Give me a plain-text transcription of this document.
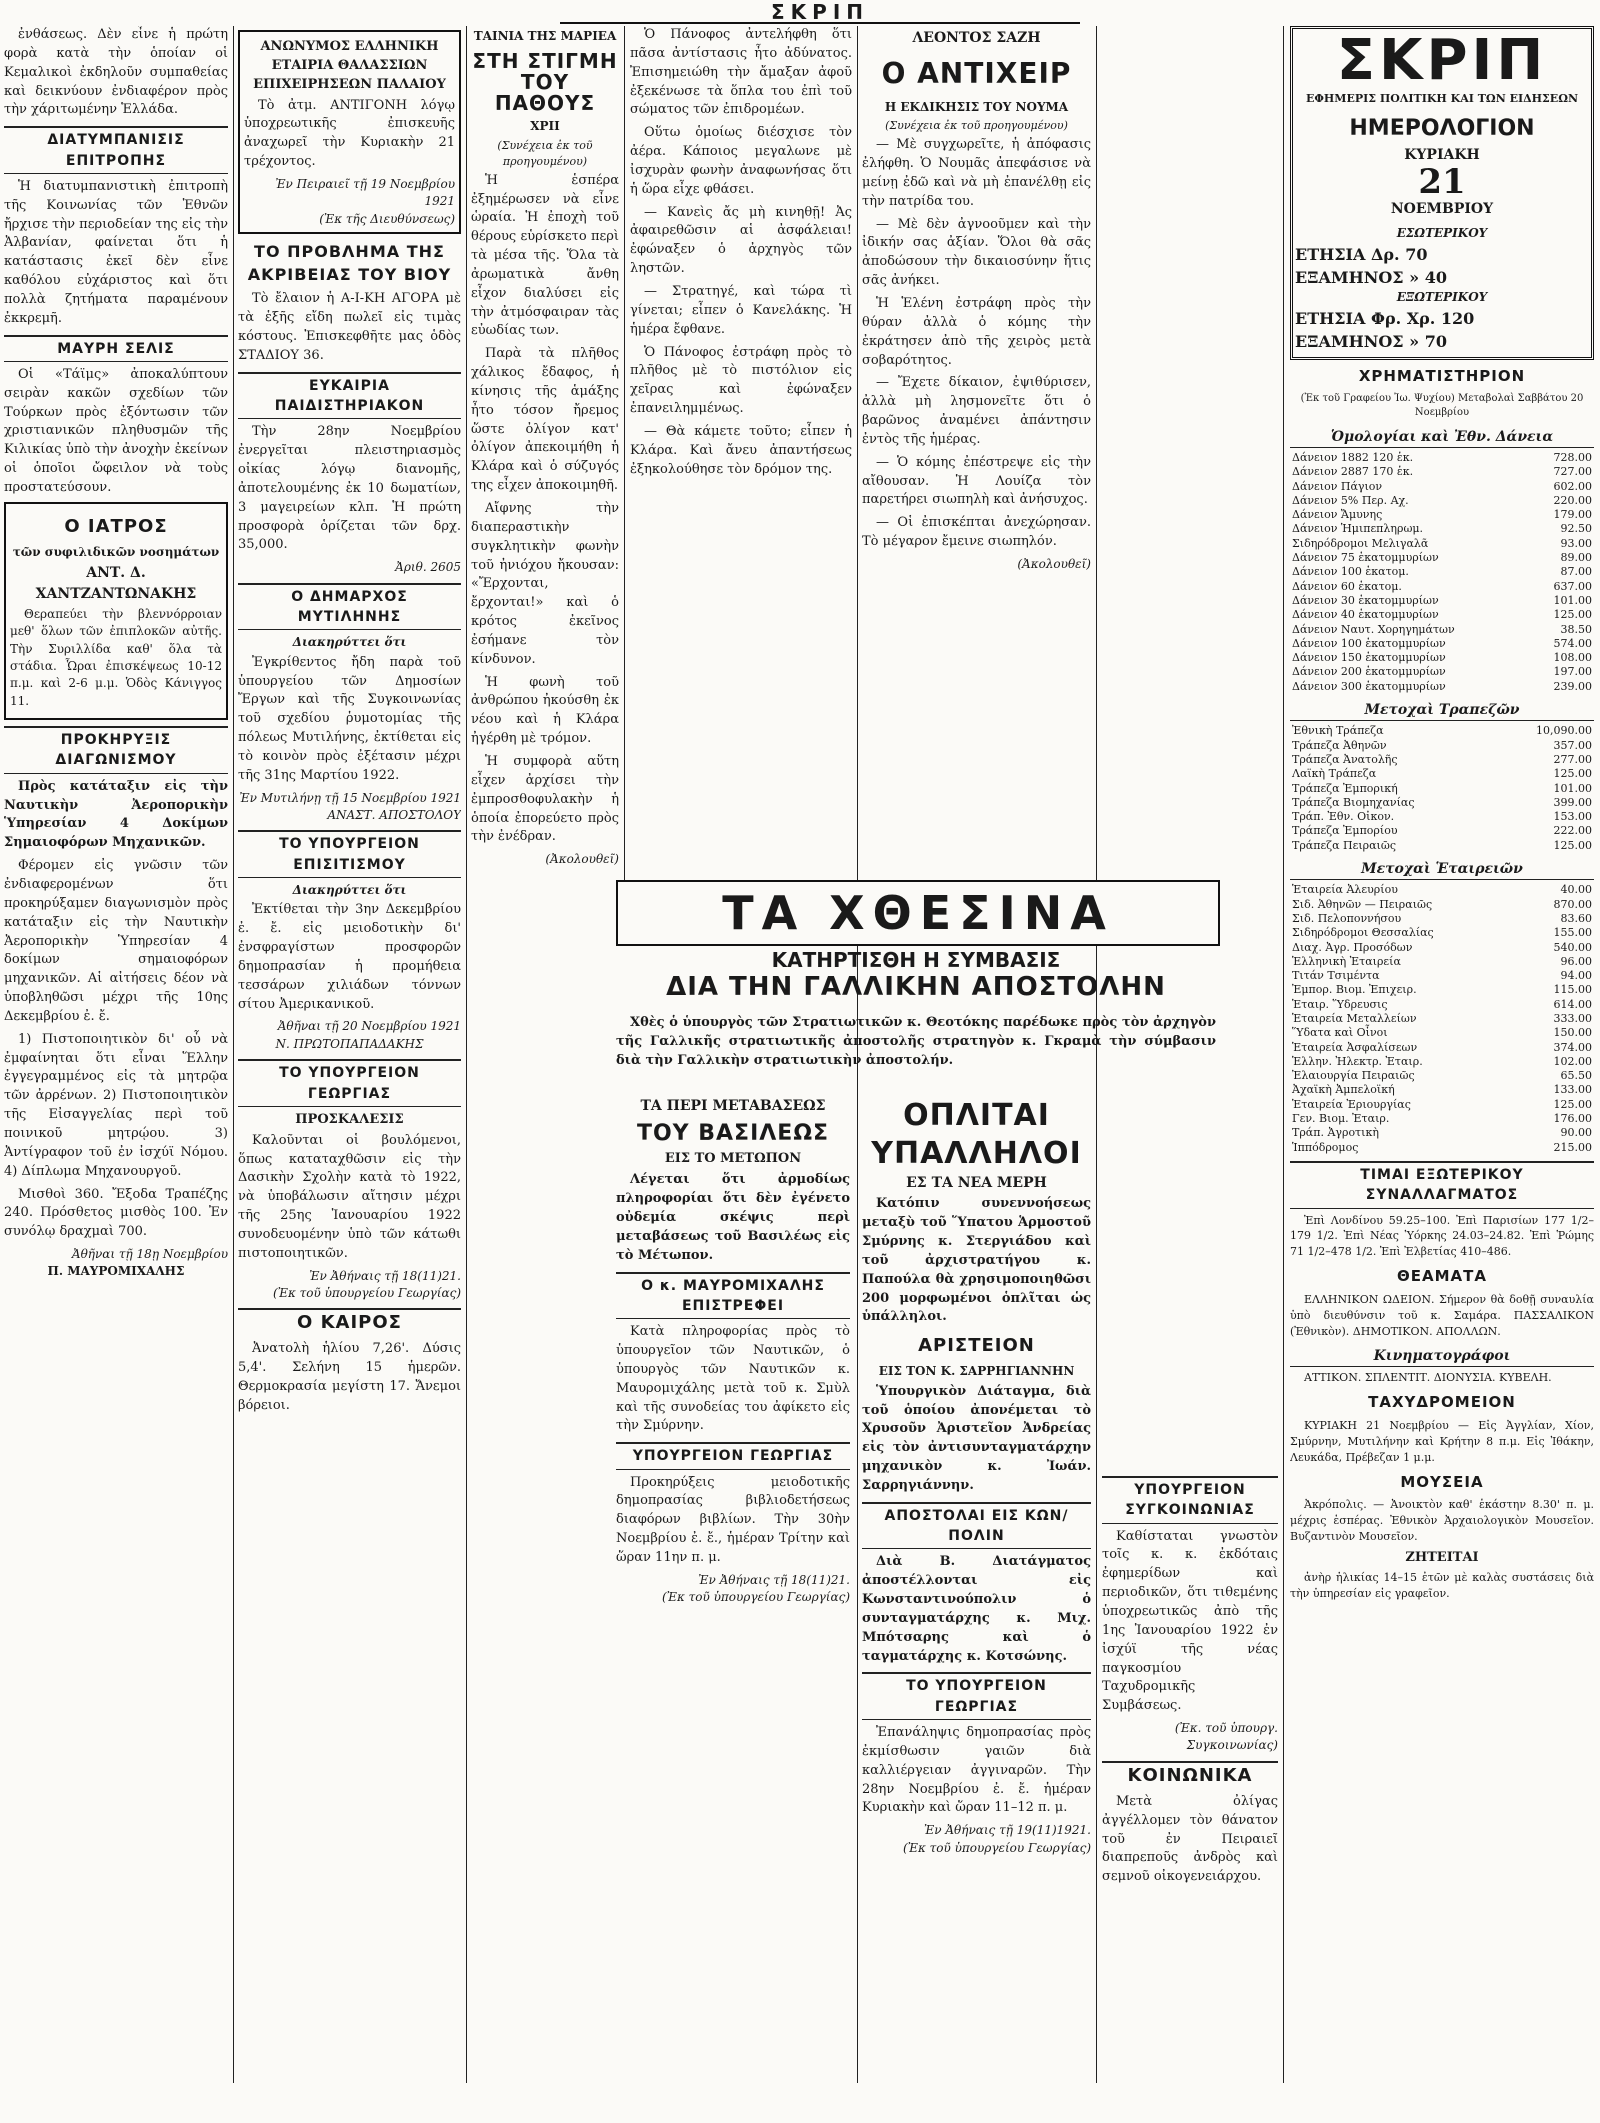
ΣΚΡΙΠ

ἐνθάσεως. Δὲν εἶνε ἡ πρώτη φορὰ κατὰ τὴν ὁποίαν οἱ Κεμαλικοὶ ἐκδηλοῦν συμπαθείας καὶ δεικνύουν ἐνδιαφέρον πρὸς τὴν χάριτωμένην Ἑλλάδα.

ΔΙΑΤΥΜΠΑΝΙΣΙΣ ΕΠΙΤΡΟΠΗΣ

Ἡ διατυμπανιστικὴ ἐπιτροπὴ τῆς Κοινωνίας τῶν Ἐθνῶν ἤρχισε τὴν περιοδείαν της εἰς τὴν Ἀλβανίαν, φαίνεται ὅτι ἡ κατάστασις ἐκεῖ δὲν εἶνε καθόλου εὐχάριστος καὶ ὅτι πολλὰ ζητήματα παραμένουν ἐκκρεμῆ.

ΜΑΥΡΗ ΣΕΛΙΣ

Οἱ «Τάϊμς» ἀποκαλύπτουν σειρὰν κακῶν σχεδίων τῶν Τούρκων πρὸς ἐξόντωσιν τῶν χριστιανικῶν πληθυσμῶν τῆς Κιλικίας ὑπὸ τὴν ἀνοχὴν ἐκείνων οἱ ὁποῖοι ὤφειλον νὰ τοὺς προστατεύσουν.

Ο ΙΑΤΡΟΣ
τῶν συφιλιδικῶν νοσημάτων
ΑΝΤ. Δ. ΧΑΝΤΖΑΝΤΩΝΑΚΗΣ

Θεραπεύει τὴν βλεννόρροιαν μεθ' ὅλων τῶν ἐπιπλοκῶν αὐτῆς. Τὴν Συριλλίδα καθ' ὅλα τὰ στάδια. Ὧραι ἐπισκέψεως 10-12 π.μ. καὶ 2-6 μ.μ. Ὁδὸς Κάνιγγος 11.

ΠΡΟΚΗΡΥΞΙΣ ΔΙΑΓΩΝΙΣΜΟΥ

Πρὸς κατάταξιν εἰς τὴν Ναυτικὴν Ἀεροπορικὴν Ὑπηρεσίαν 4 Δοκίμων Σημαιοφόρων Μηχανικῶν.

Φέρομεν εἰς γνῶσιν τῶν ἐνδιαφερομένων ὅτι προκηρύξαμεν διαγωνισμὸν πρὸς κατάταξιν εἰς τὴν Ναυτικὴν Ἀεροπορικὴν Ὑπηρεσίαν 4 δοκίμων σημαιοφόρων μηχανικῶν. Αἱ αἰτήσεις δέον νὰ ὑποβληθῶσι μέχρι τῆς 10ης Δεκεμβρίου ἐ. ἔ.

1) Πιστοποιητικὸν δι' οὗ νὰ ἐμφαίνηται ὅτι εἶναι Ἕλλην ἐγγεγραμμένος εἰς τὰ μητρῷα τῶν ἀρρένων. 2) Πιστοποιητικὸν τῆς Εἰσαγγελίας περὶ τοῦ ποινικοῦ μητρῴου. 3) Ἀντίγραφον τοῦ ἐν ἰσχύϊ Νόμου. 4) Δίπλωμα Μηχανουργοῦ.

Μισθοὶ 360. Ἔξοδα Τραπέζης 240. Πρόσθετος μισθὸς 100. Ἐν συνόλῳ δραχμαὶ 700.

Ἀθῆναι τῇ 18ῃ Νοεμβρίου
Π. ΜΑΥΡΟΜΙΧΑΛΗΣ
ΑΝΩΝΥΜΟΣ ΕΛΛΗΝΙΚΗ ΕΤΑΙΡΙΑ ΘΑΛΑΣΣΙΩΝ ΕΠΙΧΕΙΡΗΣΕΩΝ ΠΑΛΑΙΟΥ

Τὸ ἀτμ. ΑΝΤΙΓΟΝΗ λόγῳ ὑποχρεωτικῆς ἐπισκευῆς ἀναχωρεῖ τὴν Κυριακὴν 21 τρέχοντος.

Ἐν Πειραιεῖ τῇ 19 Νοεμβρίου 1921
(Ἐκ τῆς Διευθύνσεως)
ΤΟ ΠΡΟΒΛΗΜΑ ΤΗΣ ΑΚΡΙΒΕΙΑΣ ΤΟΥ ΒΙΟΥ

Τὸ ἔλαιον ἡ Α-Ι-ΚΗ ΑΓΟΡΑ μὲ τὰ ἑξῆς εἴδη πωλεῖ εἰς τιμὰς κόστους. Ἐπισκεφθῆτε μας ὁδὸς ΣΤΑΔΙΟΥ 36.

ΕΥΚΑΙΡΙΑ ΠΑΙΔΙΣΤΗΡΙΑΚΟΝ

Τὴν 28ην Νοεμβρίου ἐνεργεῖται πλειστηριασμὸς οἰκίας λόγῳ διανομῆς, ἀποτελουμένης ἐκ 10 δωματίων, 3 μαγειρείων κλπ. Ἡ πρώτη προσφορὰ ὁρίζεται τῶν δρχ. 35,000.

Ἀριθ. 2605
Ο ΔΗΜΑΡΧΟΣ ΜΥΤΙΛΗΝΗΣ
Διακηρύττει ὅτι

Ἐγκρίθεντος ἤδη παρὰ τοῦ ὑπουργείου τῶν Δημοσίων Ἔργων καὶ τῆς Συγκοινωνίας τοῦ σχεδίου ῥυμοτομίας τῆς πόλεως Μυτιλήνης, ἐκτίθεται εἰς τὸ κοινὸν πρὸς ἐξέτασιν μέχρι τῆς 31ης Μαρτίου 1922.

Ἐν Μυτιλήνῃ τῇ 15 Νοεμβρίου 1921
ΑΝΑΣΤ. ΑΠΟΣΤΟΛΟΥ
ΤΟ ΥΠΟΥΡΓΕΙΟΝ ΕΠΙΣΙΤΙΣΜΟΥ
Διακηρύττει ὅτι

Ἐκτίθεται τὴν 3ην Δεκεμβρίου ἐ. ἔ. εἰς μειοδοτικὴν δι' ἐνσφραγίστων προσφορῶν δημοπρασίαν ἡ προμήθεια τεσσάρων χιλιάδων τόννων σίτου Ἀμερικανικοῦ.

Ἀθῆναι τῇ 20 Νοεμβρίου 1921
Ν. ΠΡΩΤΟΠΑΠΑΔΑΚΗΣ
ΤΟ ΥΠΟΥΡΓΕΙΟΝ ΓΕΩΡΓΙΑΣ
ΠΡΟΣΚΑΛΕΣΙΣ

Καλοῦνται οἱ βουλόμενοι, ὅπως καταταχθῶσιν εἰς τὴν Δασικὴν Σχολὴν κατὰ τὸ 1922, νὰ ὑποβάλωσιν αἴτησιν μέχρι τῆς 25ης Ἰανουαρίου 1922 συνοδευομένην ὑπὸ τῶν κάτωθι πιστοποιητικῶν.

Ἐν Ἀθήναις τῇ 18(11)21.
(Ἐκ τοῦ ὑπουργείου Γεωργίας)
Ο ΚΑΙΡΟΣ

Ἀνατολὴ ἡλίου 7,26'. Δύσις 5,4'. Σελήνη 15 ἡμερῶν. Θερμοκρασία μεγίστη 17. Ἄνεμοι βόρειοι.

ΤΑΙΝΙΑ ΤΗΣ ΜΑΡΙΕΑ
ΣΤΗ ΣΤΙΓΜΗ ΤΟΥ ΠΑΘΟΥΣ
ΧΡΙΙ
(Συνέχεια ἐκ τοῦ προηγουμένου)

Ἡ ἑσπέρα ἐξημέρωσεν νὰ εἶνε ὡραία. Ἡ ἐποχὴ τοῦ θέρους εὑρίσκετο περὶ τὰ μέσα τῆς. Ὅλα τὰ ἀρωματικὰ ἄνθη εἶχον διαλύσει εἰς τὴν ἀτμόσφαιραν τὰς εὐωδίας των.

Παρὰ τὰ πλῆθος χάλικος ἔδαφος, ἡ κίνησις τῆς ἁμάξης ἦτο τόσον ἤρεμος ὥστε ὀλίγον κατ' ὀλίγον ἀπεκοιμήθη ἡ Κλάρα καὶ ὁ σύζυγός της εἶχεν ἀποκοιμηθῆ.

Αἴφνης τὴν διαπεραστικὴν συγκλητικὴν φωνὴν τοῦ ἠνιόχου ἤκουσαν: «Ἔρχονται, ἔρχονται!» καὶ ὁ κρότος ἐκεῖνος ἐσήμανε τὸν κίνδυνον.

Ἡ φωνὴ τοῦ ἀνθρώπου ἠκούσθη ἐκ νέου καὶ ἡ Κλάρα ἠγέρθη μὲ τρόμον.

Ἡ συμφορὰ αὕτη εἶχεν ἀρχίσει τὴν ἐμπροσθοφυλακὴν ἡ ὁποία ἐπορεύετο πρὸς τὴν ἐνέδραν.

(Ἀκολουθεῖ)

Ὁ Πάνοφος ἀντελήφθη ὅτι πᾶσα ἀντίστασις ἦτο ἀδύνατος. Ἐπισημειώθη τὴν ἄμαξαν ἀφοῦ ἐξεκένωσε τὰ ὅπλα του ἐπὶ τοῦ σώματος τῶν ἐπιδρομέων.

Οὕτω ὁμοίως διέσχισε τὸν ἀέρα. Κάποιος μεγαλωνε μὲ ἰσχυρὰν φωνὴν ἀναφωνήσας ὅτι ἡ ὥρα εἶχε φθάσει.

— Κανεὶς ἄς μὴ κινηθῇ! Ἀς ἀφαιρεθῶσιν αἱ ἀσφάλειαι! ἐφώναξεν ὁ ἀρχηγὸς τῶν ληστῶν.

— Στρατηγέ, καὶ τώρα τὶ γίνεται; εἶπεν ὁ Κανελάκης. Ἡ ἡμέρα ἔφθανε.

Ὁ Πάνοφος ἐστράφη πρὸς τὸ πλῆθος μὲ τὸ πιστόλιον εἰς χεῖρας καὶ ἐφώναξεν ἐπανειλημμένως.

— Θὰ κάμετε τοῦτο; εἶπεν ἡ Κλάρα. Καὶ ἄνευ ἀπαντήσεως ἐξηκολούθησε τὸν δρόμον της.

ΛΕΟΝΤΟΣ ΣΑΖΗ
Ο ΑΝΤΙΧΕΙΡ
Η ΕΚΔΙΚΗΣΙΣ ΤΟΥ ΝΟΥΜΑ
(Συνέχεια ἐκ τοῦ προηγουμένου)

— Μὲ συγχωρεῖτε, ἡ ἀπόφασις ἐλήφθη. Ὁ Νουμᾶς ἀπεφάσισε νὰ μείνῃ ἐδῶ καὶ νὰ μὴ ἐπανέλθῃ εἰς τὴν πατρίδα του.

— Μὲ δὲν ἀγνοοῦμεν καὶ τὴν ἰδικήν σας ἀξίαν. Ὅλοι θὰ σᾶς ἀποδώσουν τὴν δικαιοσύνην ἥτις σᾶς ἀνήκει.

Ἡ Ἑλένη ἐστράφη πρὸς τὴν θύραν ἀλλὰ ὁ κόμης τὴν ἐκράτησεν ἀπὸ τῆς χειρὸς μετὰ σοβαρότητος.

— Ἔχετε δίκαιον, ἐψιθύρισεν, ἀλλὰ μὴ λησμονεῖτε ὅτι ὁ βαρῶνος ἀναμένει ἀπάντησιν ἐντὸς τῆς ἡμέρας.

— Ὁ κόμης ἐπέστρεψε εἰς τὴν αἴθουσαν. Ἡ Λουίζα τὸν παρετήρει σιωπηλὴ καὶ ἀνήσυχος.

— Οἱ ἐπισκέπται ἀνεχώρησαν. Τὸ μέγαρον ἔμεινε σιωπηλόν.

(Ἀκολουθεῖ)
ΤΑ ΧΘΕΣΙΝΑ
ΚΑΤΗΡΤΙΣΘΗ Η ΣΥΜΒΑΣΙΣ
ΔΙΑ ΤΗΝ ΓΑΛΛΙΚΗΝ ΑΠΟΣΤΟΛΗΝ

Χθὲς ὁ ὑπουργὸς τῶν Στρατιωτικῶν κ. Θεοτόκης παρέδωκε πρὸς τὸν ἀρχηγὸν τῆς Γαλλικῆς στρατιωτικῆς ἀποστολῆς στρατηγὸν κ. Γκραμὰ τὴν σύμβασιν διὰ τὴν Γαλλικὴν στρατιωτικὴν ἀποστολήν.

ΤΑ ΠΕΡΙ ΜΕΤΑΒΑΣΕΩΣ
ΤΟΥ ΒΑΣΙΛΕΩΣ
ΕΙΣ ΤΟ ΜΕΤΩΠΟΝ

Λέγεται ὅτι ἀρμοδίως πληροφορίαι ὅτι δὲν ἐγένετο οὐδεμία σκέψις περὶ μεταβάσεως τοῦ Βασιλέως εἰς τὸ Μέτωπον.

Ο κ. ΜΑΥΡΟΜΙΧΑΛΗΣ ΕΠΙΣΤΡΕΦΕΙ

Κατὰ πληροφορίας πρὸς τὸ ὑπουργεῖον τῶν Ναυτικῶν, ὁ ὑπουργὸς τῶν Ναυτικῶν κ. Μαυρομιχάλης μετὰ τοῦ κ. Σμὺλ καὶ τῆς συνοδείας του ἀφίκετο εἰς τὴν Σμύρνην.

ΥΠΟΥΡΓΕΙΟΝ ΓΕΩΡΓΙΑΣ

Προκηρύξεις μειοδοτικῆς δημοπρασίας βιβλιοδετήσεως διαφόρων βιβλίων. Τὴν 30ὴν Νοεμβρίου ἐ. ἔ., ἡμέραν Τρίτην καὶ ὥραν 11ην π. μ.

Ἐν Ἀθήναις τῇ 18(11)21.
(Ἐκ τοῦ ὑπουργείου Γεωργίας)
ΟΠΛΙΤΑΙ
ΥΠΑΛΛΗΛΟΙ
ΕΣ ΤΑ ΝΕΑ ΜΕΡΗ

Κατόπιν συνεννοήσεως μεταξὺ τοῦ Ὕπατου Ἁρμοστοῦ Σμύρνης κ. Στεργιάδου καὶ τοῦ ἀρχιστρατήγου κ. Παπούλα θὰ χρησιμοποιηθῶσι 200 μορφωμένοι ὁπλῖται ὡς ὑπάλληλοι.

ΑΡΙΣΤΕΙΟΝ
ΕΙΣ ΤΟΝ Κ. ΣΑΡΡΗΓΙΑΝΝΗΝ

Ὑπουργικὸν Διάταγμα, διὰ τοῦ ὁποίου ἀπονέμεται τὸ Χρυσοῦν Ἀριστεῖον Ἀνδρείας εἰς τὸν ἀντισυνταγματάρχην μηχανικὸν κ. Ἰωάν. Σαρρηγιάννην.

ΑΠΟΣΤΟΛΑΙ ΕΙΣ ΚΩΝ/ΠΟΛΙΝ

Διὰ Β. Διατάγματος ἀποστέλλονται εἰς Κωνσταντινούπολιν ὁ συνταγματάρχης κ. Μιχ. Μπότσαρης καὶ ὁ ταγματάρχης κ. Κοτσώνης.

ΤΟ ΥΠΟΥΡΓΕΙΟΝ ΓΕΩΡΓΙΑΣ

Ἐπανάληψις δημοπρασίας πρὸς ἐκμίσθωσιν γαιῶν διὰ καλλιέργειαν ἀγγιναρῶν. Τὴν 28ην Νοεμβρίου ἐ. ἔ. ἡμέραν Κυριακὴν καὶ ὥραν 11–12 π. μ.

Ἐν Ἀθήναις τῇ 19(11)1921.
(Ἐκ τοῦ ὑπουργείου Γεωργίας)
ΥΠΟΥΡΓΕΙΟΝ ΣΥΓΚΟΙΝΩΝΙΑΣ

Καθίσταται γνωστὸν τοῖς κ. κ. ἐκδόταις ἐφημερίδων καὶ περιοδικῶν, ὅτι τιθεμένης ὑποχρεωτικῶς ἀπὸ τῆς 1ης Ἰανουαρίου 1922 ἐν ἰσχύϊ τῆς νέας παγκοσμίου Ταχυδρομικῆς Συμβάσεως.

(Ἐκ. τοῦ ὑπουργ. Συγκοινωνίας)
ΚΟΙΝΩΝΙΚΑ

Μετὰ ὀλίγας ἀγγέλλομεν τὸν θάνατον τοῦ ἐν Πειραιεῖ διαπρεποῦς ἀνδρὸς καὶ σεμνοῦ οἰκογενειάρχου.

ΣΚΡΙΠ
ΕΦΗΜΕΡΙΣ ΠΟΛΙΤΙΚΗ ΚΑΙ ΤΩΝ ΕΙΔΗΣΕΩΝ
ΗΜΕΡΟΛΟΓΙΟΝ
ΚΥΡΙΑΚΗ
21
ΝΟΕΜΒΡΙΟΥ
ΕΣΩΤΕΡΙΚΟΥ
ΕΤΗΣΙΑ Δρ. 70
ΕΞΑΜΗΝΟΣ » 40
ΕΞΩΤΕΡΙΚΟΥ
ΕΤΗΣΙΑ Φρ. Χρ. 120
ΕΞΑΜΗΝΟΣ » 70
ΧΡΗΜΑΤΙΣΤΗΡΙΟΝ
(Ἐκ τοῦ Γραφείου Ἰω. Ψυχίου) Μεταβολαὶ Σαββάτου 20 Νοεμβρίου
Ὁμολογίαι καὶ Ἐθν. Δάνεια
Δάνειον 1882 120 ἑκ.	728.00
Δάνειον 2887 170 ἑκ.	727.00
Δάνειον Πάγιον	602.00
Δάνειον 5% Περ. Αχ.	220.00
Δάνειον Ἄμυνης	179.00
Δάνειον Ἡμιπεπληρωμ.	92.50
Σιδηρόδρομοι Μελιγαλᾶ	93.00
Δάνειον 75 ἑκατομμυρίων	89.00
Δάνειον 100 ἑκατομ.	87.00
Δάνειον 60 ἑκατομ.	637.00
Δάνειον 30 ἑκατομμυρίων	101.00
Δάνειον 40 ἑκατομμυρίων	125.00
Δάνειον Ναυτ. Χορηγημάτων	38.50
Δάνειον 100 ἑκατομμυρίων	574.00
Δάνειον 150 ἑκατομμυρίων	108.00
Δάνειον 200 ἑκατομμυρίων	197.00
Δάνειον 300 ἑκατομμυρίων	239.00
Μετοχαὶ Τραπεζῶν
Ἐθνικὴ Τράπεζα	10,090.00
Τράπεζα Ἀθηνῶν	357.00
Τράπεζα Ἀνατολῆς	277.00
Λαϊκὴ Τράπεζα	125.00
Τράπεζα Ἐμπορική	101.00
Τράπεζα Βιομηχανίας	399.00
Τράπ. Ἐθν. Οἰκον.	153.00
Τράπεζα Ἐμπορίου	222.00
Τράπεζα Πειραιῶς	125.00
Μετοχαὶ Ἑταιρειῶν
Ἑταιρεία Ἀλευρίου	40.00
Σιδ. Ἀθηνῶν — Πειραιῶς	870.00
Σιδ. Πελοποννήσου	83.60
Σιδηρόδρομοι Θεσσαλίας	155.00
Διαχ. Ἀγρ. Προσόδων	540.00
Ἑλληνικὴ Ἐταιρεία	96.00
Τιτάν Τσιμέντα	94.00
Ἐμπορ. Βιομ. Ἐπιχειρ.	115.00
Ἑταιρ. Ὕδρευσις	614.00
Ἑταιρεία Μεταλλείων	333.00
Ὕδατα καὶ Οἶνοι	150.00
Ἑταιρεία Ἀσφαλίσεων	374.00
Ἑλλην. Ἠλεκτρ. Ἐταιρ.	102.00
Ἐλαιουργία Πειραιῶς	65.50
Ἀχαϊκὴ Ἀμπελοϊκή	133.00
Ἑταιρεία Ἐριουργίας	125.00
Γεν. Βιομ. Ἐταιρ.	176.00
Τράπ. Ἀγροτικὴ	90.00
Ἱππόδρομος	215.00
ΤΙΜΑΙ ΕΞΩΤΕΡΙΚΟΥ ΣΥΝΑΛΛΑΓΜΑΤΟΣ

Ἐπὶ Λονδίνου 59.25–100. Ἐπὶ Παρισίων 177 1/2–179 1/2. Ἐπὶ Νέας Ὑόρκης 24.03–24.82. Ἐπὶ Ῥώμης 71 1/2–478 1/2. Ἐπὶ Ἐλβετίας 410–486.

ΘΕΑΜΑΤΑ

ΕΛΛΗΝΙΚΟΝ ΩΔΕΙΟΝ. Σήμερον θὰ δοθῇ συναυλία ὑπὸ διευθύνσιν τοῦ κ. Σαμάρα. ΠΑΣΣΑΛΙΚΟΝ (Ἐθνικὸν). ΔΗΜΟΤΙΚΟΝ. ΑΠΟΛΛΩΝ.

Κινηματογράφοι

ΑΤΤΙΚΟΝ. ΣΠΛΕΝΤΙΤ. ΔΙΟΝΥΣΙΑ. ΚΥΒΕΛΗ.

ΤΑΧΥΔΡΟΜΕΙΟΝ

ΚΥΡΙΑΚΗ 21 Νοεμβρίου — Εἰς Ἀγγλίαν, Χίον, Σμύρνην, Μυτιλήνην καὶ Κρήτην 8 π.μ. Εἰς Ἰθάκην, Λευκάδα, Πρέβεζαν 1 μ.μ.

ΜΟΥΣΕΙΑ

Ἀκρόπολις. — Ἀνοικτὸν καθ' ἑκάστην 8.30' π. μ. μέχρις ἑσπέρας. Ἐθνικὸν Ἀρχαιολογικὸν Μουσεῖον. Βυζαντινὸν Μουσεῖον.

ΖΗΤΕΙΤΑΙ

ἀνὴρ ἡλικίας 14–15 ἐτῶν μὲ καλὰς συστάσεις διὰ τὴν ὑπηρεσίαν εἰς γραφεῖον.
